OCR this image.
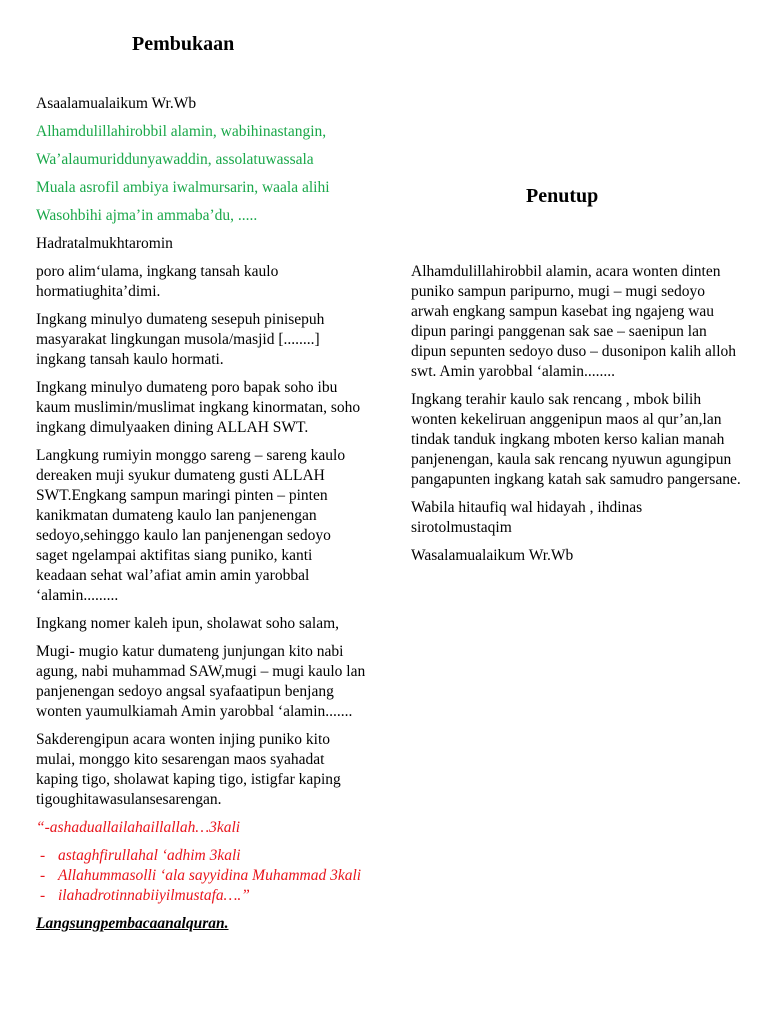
Pembukaan
Penutup

Asaalamualaikum Wr.Wb

Alhamdulillahirobbil alamin, wabihinastangin,

Wa’alaumuriddunyawaddin, assolatuwassala

Muala asrofil ambiya iwalmursarin, waala alihi

Wasohbihi ajma’in ammaba’du, .....

Hadratalmukhtaromin

poro alim‘ulama, ingkang tansah kaulo hormatiughita’dimi.

Ingkang minulyo dumateng sesepuh pinisepuh masyarakat lingkungan musola/masjid [........] ingkang tansah kaulo hormati.

Ingkang minulyo dumateng poro bapak soho ibu kaum muslimin/muslimat ingkang kinormatan, soho ingkang dimulyaaken dining ALLAH SWT.

Langkung rumiyin monggo sareng – sareng kaulo dereaken muji syukur dumateng gusti ALLAH SWT.Engkang sampun maringi pinten – pinten kanikmatan dumateng kaulo lan panjenengan sedoyo,sehinggo kaulo lan panjenengan sedoyo saget ngelampai aktifitas siang puniko, kanti keadaan sehat wal’afiat amin amin yarobbal ‘alamin.........

Ingkang nomer kaleh ipun, sholawat soho salam,

Mugi- mugio katur dumateng junjungan kito nabi agung, nabi muhammad SAW,mugi – mugi kaulo lan panjenengan sedoyo angsal syafaatipun benjang wonten yaumulkiamah Amin yarobbal ‘alamin.......

Sakderengipun acara wonten injing puniko kito mulai, monggo kito sesarengan maos syahadat kaping tigo, sholawat kaping tigo, istigfar kaping tigoughitawasulansesarengan.

“-ashaduallailahaillallah…3kali

- astaghfirullahal ‘adhim 3kali
- Allahummasolli ‘ala sayyidina Muhammad 3kali
- ilahadrotinnabiiyilmustafa….”

Langsungpembacaanalquran.

Alhamdulillahirobbil alamin, acara wonten dinten puniko sampun paripurno, mugi – mugi sedoyo arwah engkang sampun kasebat ing ngajeng wau dipun paringi panggenan sak sae – saenipun lan dipun sepunten sedoyo duso – dusonipon kalih alloh swt. Amin yarobbal ‘alamin........

Ingkang terahir kaulo sak rencang , mbok bilih wonten kekeliruan anggenipun maos al qur’an,lan tindak tanduk ingkang mboten kerso kalian manah panjenengan, kaula sak rencang nyuwun agungipun pangapunten ingkang katah sak samudro pangersane.

Wabila hitaufiq wal hidayah , ihdinas sirotolmustaqim

Wasalamualaikum Wr.Wb
